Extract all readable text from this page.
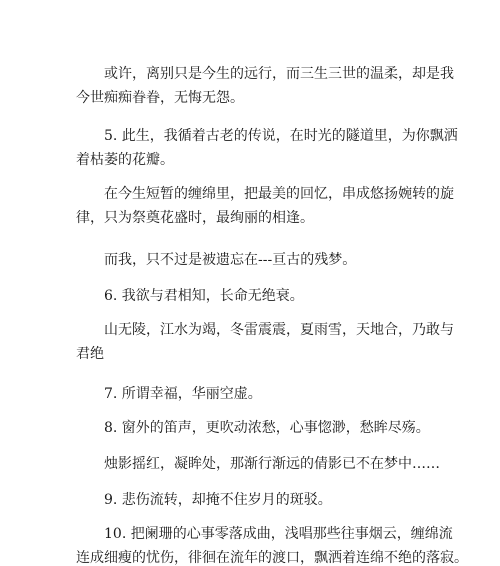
或许，离别只是今生的远行，而三生三世的温柔，却是我
今世痴痴眷眷，无悔无怨。

5. 此生，我循着古老的传说，在时光的隧道里，为你飘洒
着枯萎的花瓣。

在今生短暂的缠绵里，把最美的回忆，串成悠扬婉转的旋
律，只为祭奠花盛时，最绚丽的相逢。

而我，只不过是被遗忘在---亘古的残梦。

6. 我欲与君相知，长命无绝衰。

山无陵，江水为竭，冬雷震震，夏雨雪，天地合，乃敢与
君绝

7. 所谓幸福，华丽空虚。

8. 窗外的笛声，更吹动浓愁，心事惚渺，愁眸尽殇。

烛影摇红，凝眸处，那渐行渐远的倩影已不在梦中……

9. 悲伤流转，却掩不住岁月的斑驳。

10. 把阑珊的心事零落成曲，浅唱那些往事烟云，缠绵流
连成细瘦的忧伤，徘徊在流年的渡口，飘洒着连绵不绝的落寂。
